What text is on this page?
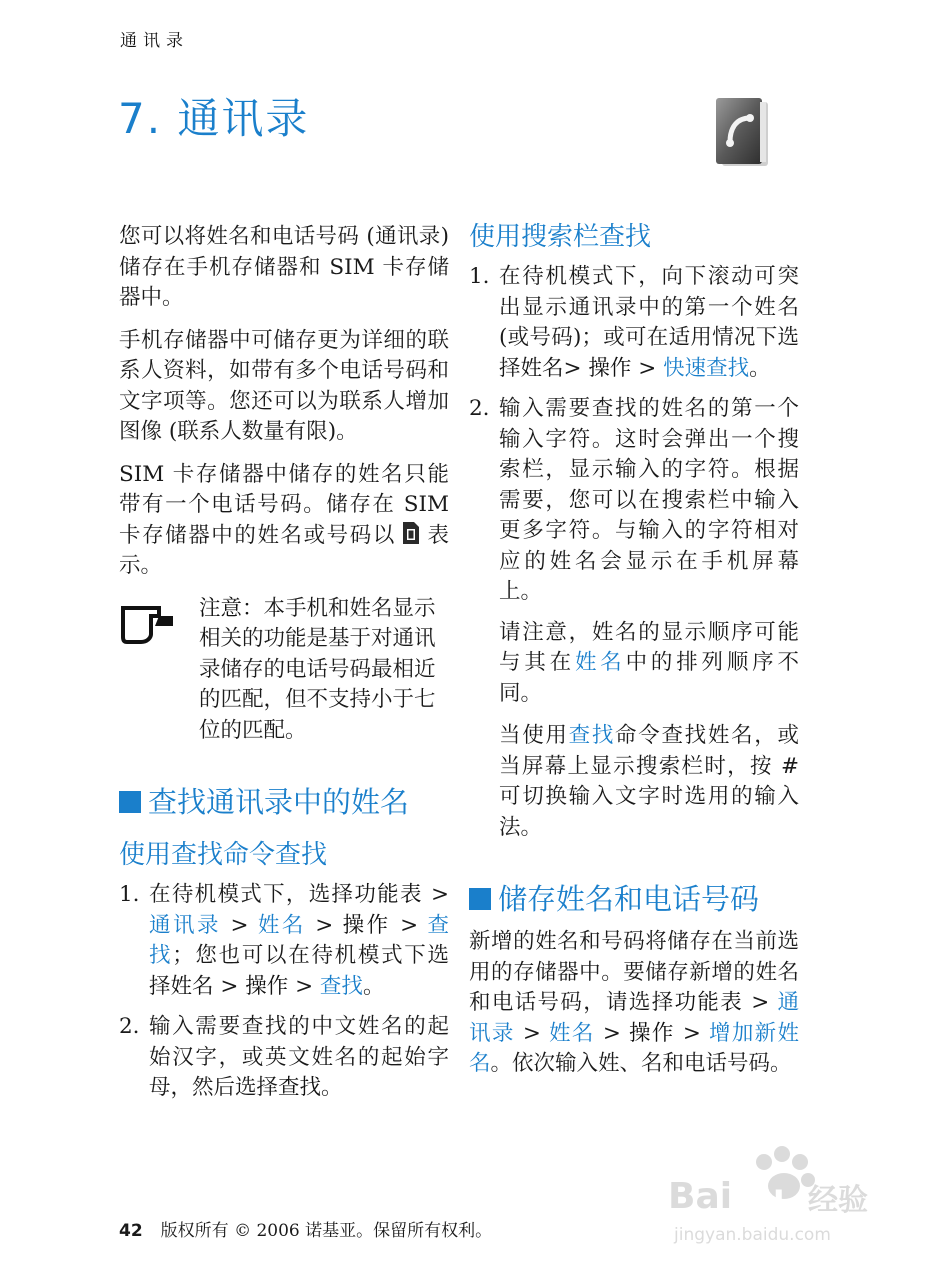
通讯录
7. 通讯录

您可以将姓名和电话号码 (通讯录)储存在手机存储器和 SIM 卡存储器中。

手机存储器中可储存更为详细的联系人资料，如带有多个电话号码和文字项等。您还可以为联系人增加图像 (联系人数量有限)。

SIM 卡存储器中储存的姓名只能带有一个电话号码。储存在 SIM 卡存储器中的姓名或号码以 表示。

注意：本手机和姓名显示相关的功能是基于对通讯录储存的电话号码最相近的匹配，但不支持小于七位的匹配。
查找通讯录中的姓名
使用查找命令查找
1. 在待机模式下，选择功能表 > 通讯录 > 姓名 > 操作 > 查找；您也可以在待机模式下选择姓名 > 操作 > 查找。
2. 输入需要查找的中文姓名的起始汉字，或英文姓名的起始字母，然后选择查找。
使用搜索栏查找
1. 在待机模式下，向下滚动可突出显示通讯录中的第一个姓名 (或号码)；或可在适用情况下选择姓名> 操作 > 快速查找。
2. 输入需要查找的姓名的第一个输入字符。这时会弹出一个搜索栏，显示输入的字符。根据需要，您可以在搜索栏中输入更多字符。与输入的字符相对应的姓名会显示在手机屏幕上。

请注意，姓名的显示顺序可能与其在姓名中的排列顺序不同。

当使用查找命令查找姓名，或当屏幕上显示搜索栏时，按 # 可切换输入文字时选用的输入法。

储存姓名和电话号码

新增的姓名和号码将储存在当前选用的存储器中。要储存新增的姓名和电话号码，请选择功能表 > 通讯录 > 姓名 > 操作 > 增加新姓名。依次输入姓、名和电话号码。

42 版权所有 © 2006 诺基亚。保留所有权利。
Bai du 经验
jingyan.baidu.com
